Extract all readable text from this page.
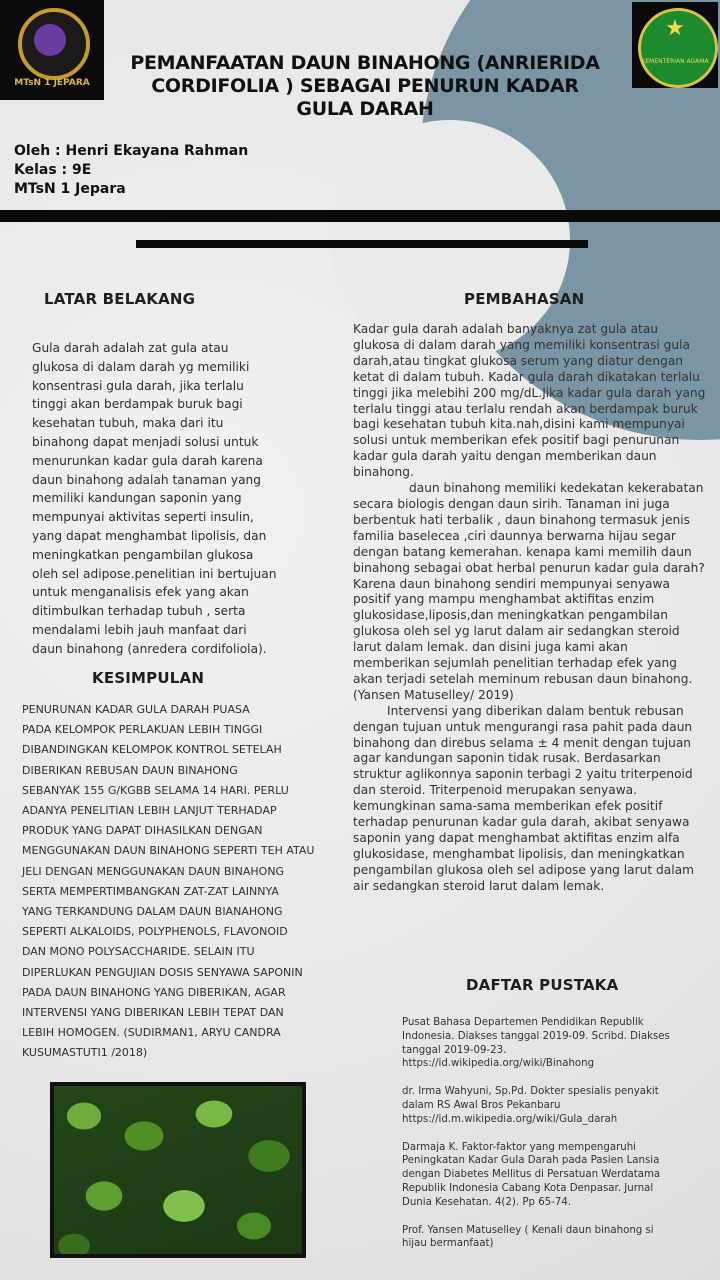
MTsN 1 JEPARA
★
KEMENTERIAN AGAMA
PEMANFAATAN DAUN BINAHONG (ANRIERIDA CORDIFOLIA ) SEBAGAI PENURUN KADAR GULA DARAH
Oleh : Henri Ekayana Rahman
Kelas : 9E
MTsN 1 Jepara
LATAR BELAKANG
Gula darah adalah zat gula atau
glukosa di dalam darah yg memiliki
konsentrasi gula darah, jika terlalu
tinggi akan berdampak buruk bagi
kesehatan tubuh, maka dari itu
binahong dapat menjadi solusi untuk
menurunkan kadar gula darah karena
daun binahong adalah tanaman yang
memiliki kandungan saponin yang
mempunyai aktivitas seperti insulin,
yang dapat menghambat lipolisis, dan
meningkatkan pengambilan glukosa
oleh sel adipose.penelitian ini bertujuan
untuk menganalisis efek yang akan
ditimbulkan terhadap tubuh , serta
mendalami lebih jauh manfaat dari
daun binahong (anredera cordifoliola).
KESIMPULAN
PENURUNAN KADAR GULA DARAH PUASA
PADA KELOMPOK PERLAKUAN LEBIH TINGGI
DIBANDINGKAN KELOMPOK KONTROL SETELAH
DIBERIKAN REBUSAN DAUN BINAHONG
SEBANYAK 155 G/KGBB SELAMA 14 HARI. PERLU
ADANYA PENELITIAN LEBIH LANJUT TERHADAP
PRODUK YANG DAPAT DIHASILKAN DENGAN
MENGGUNAKAN DAUN BINAHONG SEPERTI TEH ATAU
JELI DENGAN MENGGUNAKAN DAUN BINAHONG
SERTA MEMPERTIMBANGKAN ZAT-ZAT LAINNYA
YANG TERKANDUNG DALAM DAUN BIANAHONG
SEPERTI ALKALOIDS, POLYPHENOLS, FLAVONOID
DAN MONO POLYSACCHARIDE. SELAIN ITU
DIPERLUKAN PENGUJIAN DOSIS SENYAWA SAPONIN
PADA DAUN BINAHONG YANG DIBERIKAN, AGAR
INTERVENSI YANG DIBERIKAN LEBIH TEPAT DAN
LEBIH HOMOGEN. (SUDIRMAN1, ARYU CANDRA
KUSUMASTUTI1 /2018)
PEMBAHASAN

Kadar gula darah adalah banyaknya zat gula atau glukosa di dalam darah yang memiliki konsentrasi gula darah,atau tingkat glukosa serum yang diatur dengan ketat di dalam tubuh. Kadar gula darah dikatakan terlalu tinggi jika melebihi 200 mg/dL.Jika kadar gula darah yang terlalu tinggi atau terlalu rendah akan berdampak buruk bagi kesehatan tubuh kita.nah,disini kami mempunyai solusi untuk memberikan efek positif bagi penurunan kadar gula darah yaitu dengan memberikan daun binahong.

daun binahong memiliki kedekatan kekerabatan secara biologis dengan daun sirih. Tanaman ini juga berbentuk hati terbalik , daun binahong termasuk jenis familia baselecea ,ciri daunnya berwarna hijau segar dengan batang kemerahan. kenapa kami memilih daun binahong sebagai obat herbal penurun kadar gula darah? Karena daun binahong sendiri mempunyai senyawa positif yang mampu menghambat aktifitas enzim glukosidase,liposis,dan meningkatkan pengambilan glukosa oleh sel yg larut dalam air sedangkan steroid larut dalam lemak. dan disini juga kami akan memberikan sejumlah penelitian terhadap efek yang akan terjadi setelah meminum rebusan daun binahong.(Yansen Matuselley/ 2019)

Intervensi yang diberikan dalam bentuk rebusan dengan tujuan untuk mengurangi rasa pahit pada daun binahong dan direbus selama ± 4 menit dengan tujuan agar kandungan saponin tidak rusak. Berdasarkan struktur aglikonnya saponin terbagi 2 yaitu triterpenoid dan steroid. Triterpenoid merupakan senyawa. kemungkinan sama-sama memberikan efek positif terhadap penurunan kadar gula darah, akibat senyawa saponin yang dapat menghambat aktifitas enzim alfa glukosidase, menghambat lipolisis, dan meningkatkan pengambilan glukosa oleh sel adipose yang larut dalam air sedangkan steroid larut dalam lemak.

DAFTAR PUSTAKA
Pusat Bahasa Departemen Pendidikan Republik Indonesia. Diakses tanggal 2019-09. Scribd. Diakses tanggal 2019-09-23. https://id.wikipedia.org/wiki/Binahong
dr. Irma Wahyuni, Sp.Pd. Dokter spesialis penyakit dalam RS Awal Bros Pekanbaru https://id.m.wikipedia.org/wiki/Gula_darah
Darmaja K. Faktor-faktor yang mempengaruhi Peningkatan Kadar Gula Darah pada Pasien Lansia dengan Diabetes Mellitus di Persatuan Werdatama Republik Indonesia Cabang Kota Denpasar. Jurnal Dunia Kesehatan. 4(2). Pp 65-74.
Prof. Yansen Matuselley ( Kenali daun binahong si hijau bermanfaat)
